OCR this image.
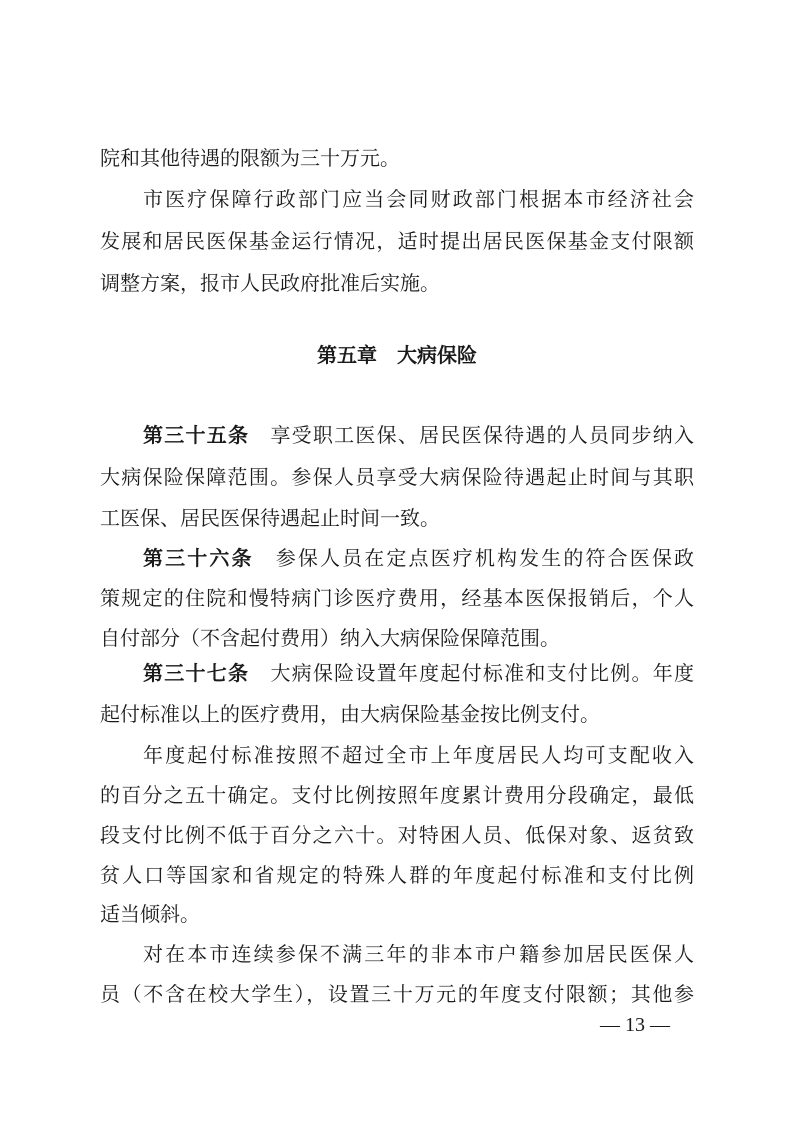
院和其他待遇的限额为三十万元。
市医疗保障行政部门应当会同财政部门根据本市经济社会
发展和居民医保基金运行情况，适时提出居民医保基金支付限额
调整方案，报市人民政府批准后实施。
第五章 大病保险
第三十五条 享受职工医保、居民医保待遇的人员同步纳入
大病保险保障范围。参保人员享受大病保险待遇起止时间与其职
工医保、居民医保待遇起止时间一致。
第三十六条 参保人员在定点医疗机构发生的符合医保政
策规定的住院和慢特病门诊医疗费用，经基本医保报销后，个人
自付部分（不含起付费用）纳入大病保险保障范围。
第三十七条 大病保险设置年度起付标准和支付比例。年度
起付标准以上的医疗费用，由大病保险基金按比例支付。
年度起付标准按照不超过全市上年度居民人均可支配收入
的百分之五十确定。支付比例按照年度累计费用分段确定，最低
段支付比例不低于百分之六十。对特困人员、低保对象、返贫致
贫人口等国家和省规定的特殊人群的年度起付标准和支付比例
适当倾斜。
对在本市连续参保不满三年的非本市户籍参加居民医保人
员（不含在校大学生），设置三十万元的年度支付限额；其他参
— 13 —
